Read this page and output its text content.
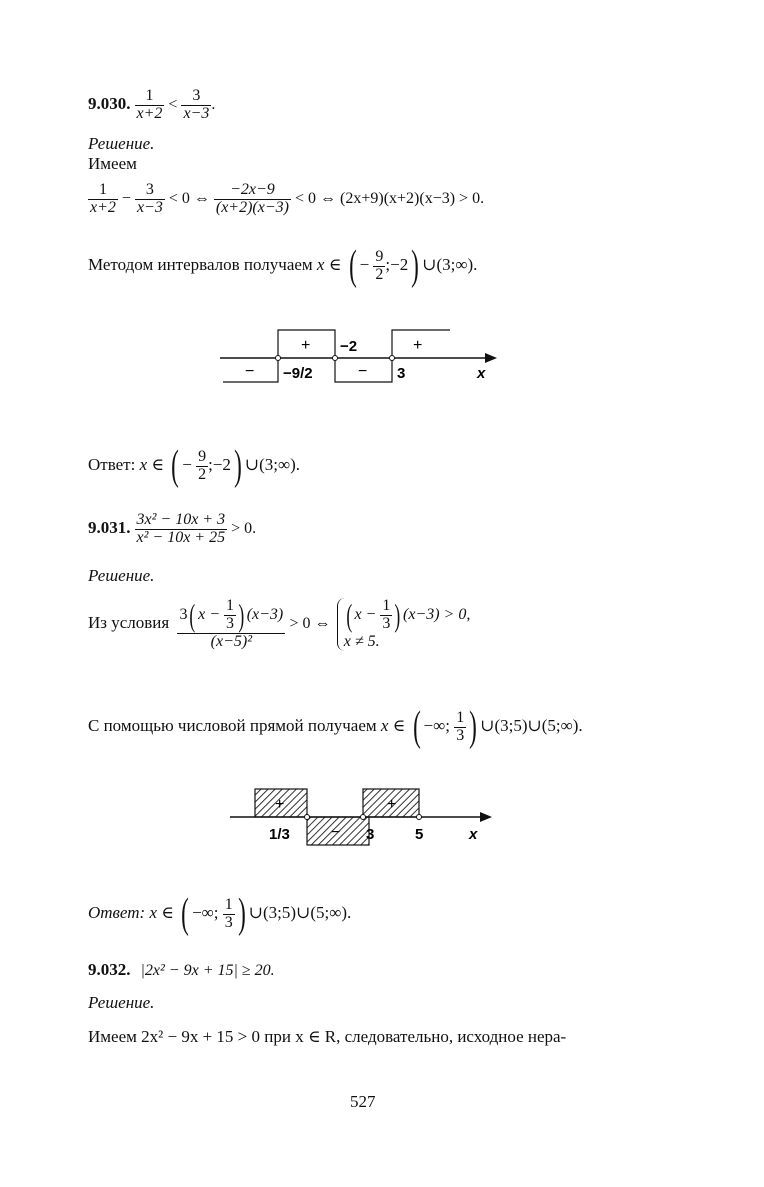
9.030. $\frac{1}{x+2} < \frac{3}{x-3}$ .
Решение.
Имеем
$\frac{1}{x+2} - \frac{3}{x-3} < 0$ ⇔ $\frac{-2x-9}{(x+2)(x-3)} < 0$ ⇔ (2x+9)(x+2)(x−3) > 0.
Методом интервалов получаем x ∈ ( − $\frac{9}{2}$ ;−2) ∪(3;∞).
−
+
−
+
−9/2
−2
3	x
Ответ: x ∈ ( − $\frac{9}{2}$ ;−2) ∪(3;∞).
9.031. $\frac{\text{3x² − 10x + 3}}{\text{x² − 10x + 25}} > 0$.
Решение.
Из условия $\frac{3( x - \frac{1}{3} ) (x-3)}{\text{(x−5)²}} > 0$ ⇔ ( $x - \frac{1}{3}$ ) (x−3) > 0,
x ≠ 5.
С помощью числовой прямой получаем x ∈ ( −∞; $\frac{1}{3}$ ) ∪(3;5)∪(5;∞).
+
−
+
1/3	3	5	x
Ответ: x ∈ ( −∞; $\frac{1}{3}$ ) ∪(3;5)∪(5;∞).
9.032. |2x² − 9x + 15| ≥ 20.
Решение.
Имеем 2x² − 9x + 15 > 0 при x ∈ R, следовательно, исходное нера-
527
